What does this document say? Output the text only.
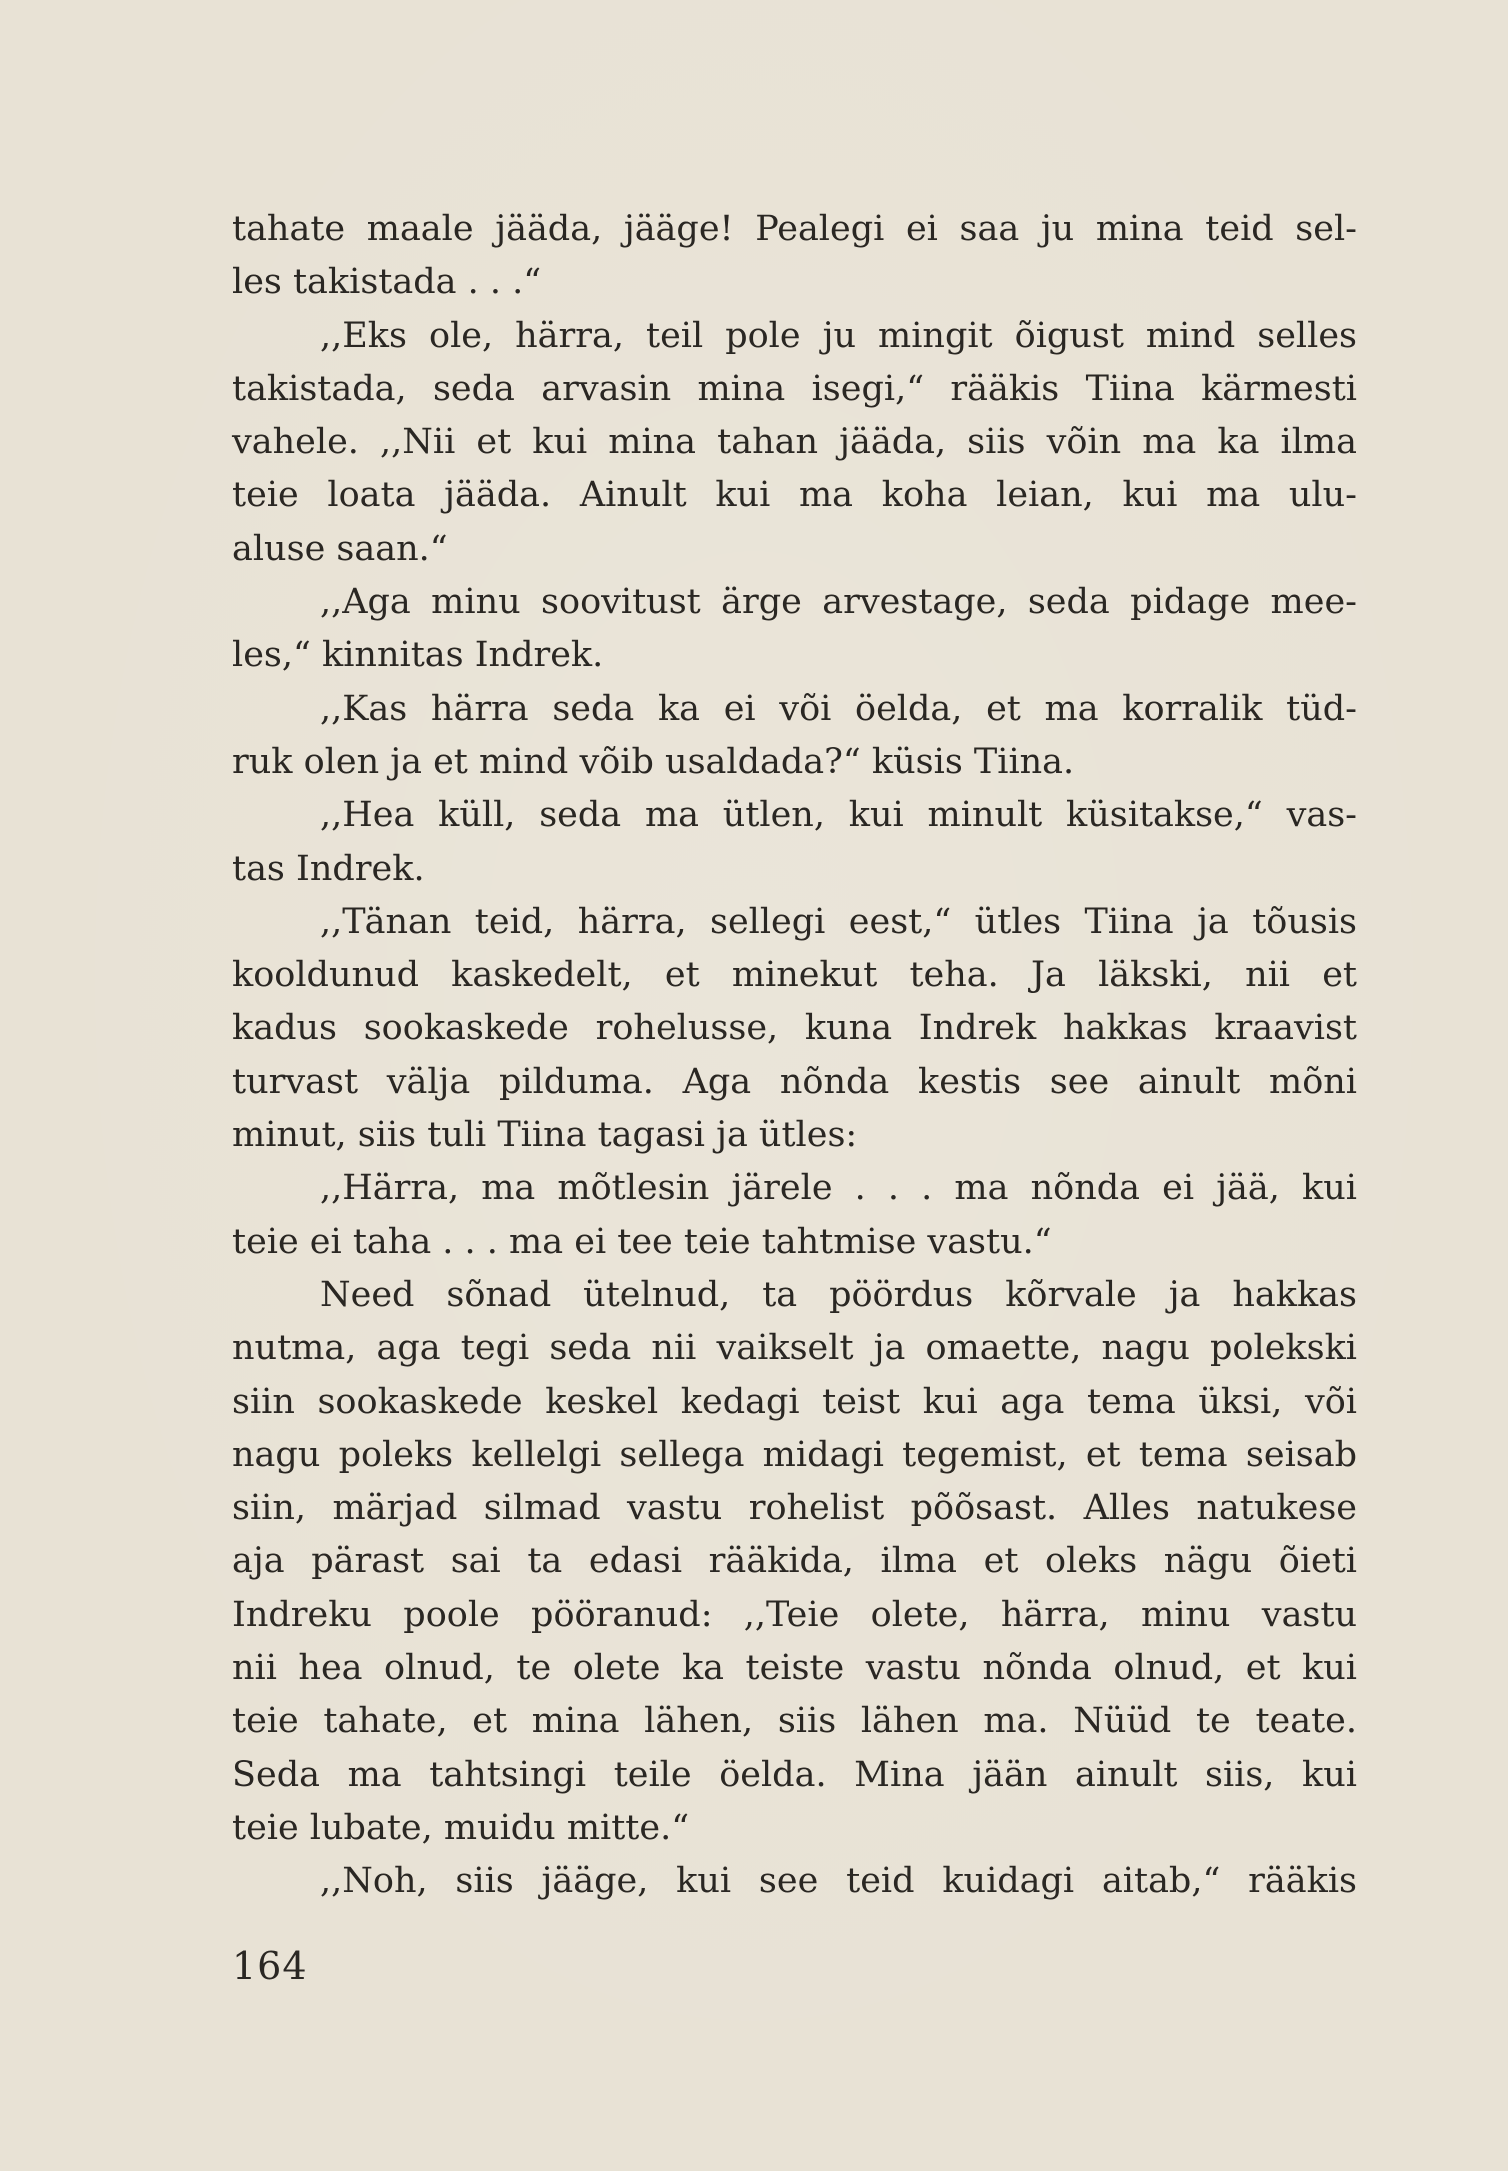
tahate maale jääda, jääge! Pealegi ei saa ju mina teid sel-
les takistada . . .“
,,Eks ole, härra, teil pole ju mingit õigust mind selles
takistada, seda arvasin mina isegi,“ rääkis Tiina kärmesti
vahele. ,,Nii et kui mina tahan jääda, siis võin ma ka ilma
teie loata jääda. Ainult kui ma koha leian, kui ma ulu-
aluse saan.“
,,Aga minu soovitust ärge arvestage, seda pidage mee-
les,“ kinnitas Indrek.
,,Kas härra seda ka ei või öelda, et ma korralik tüd-
ruk olen ja et mind võib usaldada?“ küsis Tiina.
,,Hea küll, seda ma ütlen, kui minult küsitakse,“ vas-
tas Indrek.
,,Tänan teid, härra, sellegi eest,“ ütles Tiina ja tõusis
kooldunud kaskedelt, et minekut teha. Ja läkski, nii et
kadus sookaskede rohelusse, kuna Indrek hakkas kraavist
turvast välja pilduma. Aga nõnda kestis see ainult mõni
minut, siis tuli Tiina tagasi ja ütles:
,,Härra, ma mõtlesin järele . . . ma nõnda ei jää, kui
teie ei taha . . . ma ei tee teie tahtmise vastu.“
Need sõnad ütelnud, ta pöördus kõrvale ja hakkas
nutma, aga tegi seda nii vaikselt ja omaette, nagu polekski
siin sookaskede keskel kedagi teist kui aga tema üksi, või
nagu poleks kellelgi sellega midagi tegemist, et tema seisab
siin, märjad silmad vastu rohelist põõsast. Alles natukese
aja pärast sai ta edasi rääkida, ilma et oleks nägu õieti
Indreku poole pööranud: ,,Teie olete, härra, minu vastu
nii hea olnud, te olete ka teiste vastu nõnda olnud, et kui
teie tahate, et mina lähen, siis lähen ma. Nüüd te teate.
Seda ma tahtsingi teile öelda. Mina jään ainult siis, kui
teie lubate, muidu mitte.“
,,Noh, siis jääge, kui see teid kuidagi aitab,“ rääkis
164
